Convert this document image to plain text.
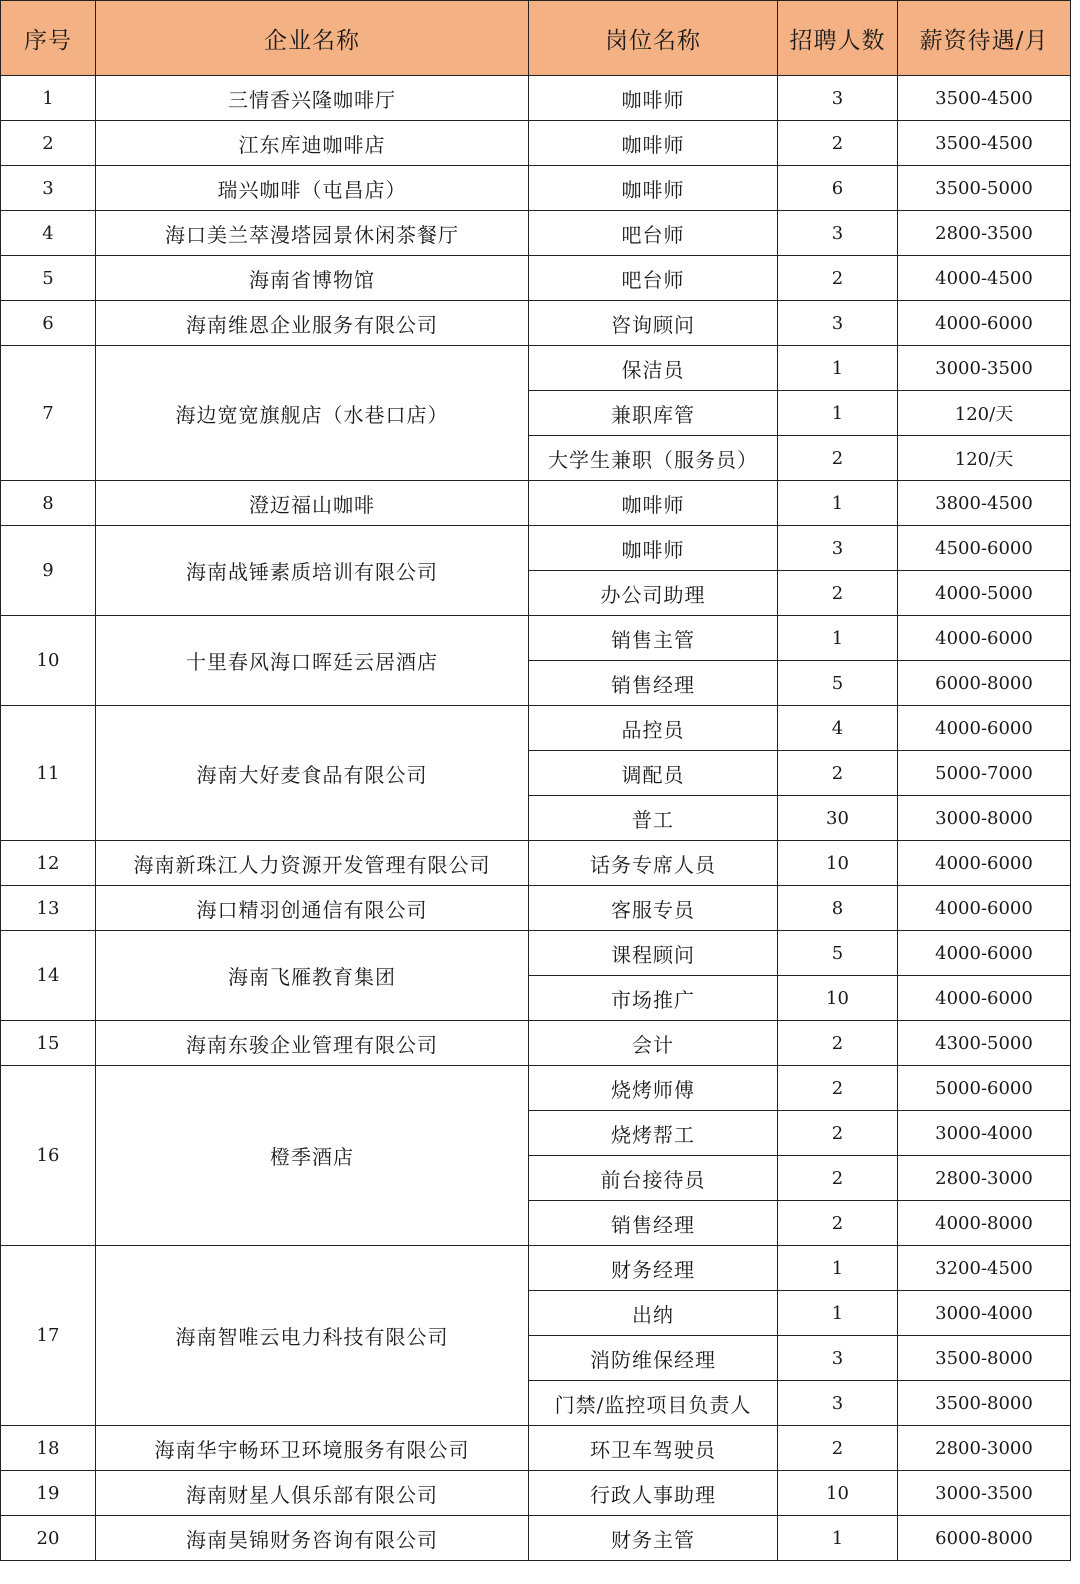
序号	企业名称	岗位名称	招聘人数	薪资待遇/月
1	三情香兴隆咖啡厅	咖啡师	3	3500-4500
2	江东库迪咖啡店	咖啡师	2	3500-4500
3	瑞兴咖啡（屯昌店）	咖啡师	6	3500-5000
4	海口美兰萃漫塔园景休闲茶餐厅	吧台师	3	2800-3500
5	海南省博物馆	吧台师	2	4000-4500
6	海南维恩企业服务有限公司	咨询顾问	3	4000-6000
7	海边宽宽旗舰店（水巷口店）	保洁员	1	3000-3500
		兼职库管	1	120/天
		大学生兼职（服务员）	2	120/天
8	澄迈福山咖啡	咖啡师	1	3800-4500
9	海南战锤素质培训有限公司	咖啡师	3	4500-6000
		办公司助理	2	4000-5000
10	十里春风海口晖廷云居酒店	销售主管	1	4000-6000
		销售经理	5	6000-8000
11	海南大好麦食品有限公司	品控员	4	4000-6000
		调配员	2	5000-7000
		普工	30	3000-8000
12	海南新珠江人力资源开发管理有限公司	话务专席人员	10	4000-6000
13	海口精羽创通信有限公司	客服专员	8	4000-6000
14	海南飞雁教育集团	课程顾问	5	4000-6000
		市场推广	10	4000-6000
15	海南东骏企业管理有限公司	会计	2	4300-5000
16	橙季酒店	烧烤师傅	2	5000-6000
		烧烤帮工	2	3000-4000
		前台接待员	2	2800-3000
		销售经理	2	4000-8000
17	海南智唯云电力科技有限公司	财务经理	1	3200-4500
		出纳	1	3000-4000
		消防维保经理	3	3500-8000
		门禁/监控项目负责人	3	3500-8000
18	海南华宇畅环卫环境服务有限公司	环卫车驾驶员	2	2800-3000
19	海南财星人俱乐部有限公司	行政人事助理	10	3000-3500
20	海南昊锦财务咨询有限公司	财务主管	1	6000-8000
